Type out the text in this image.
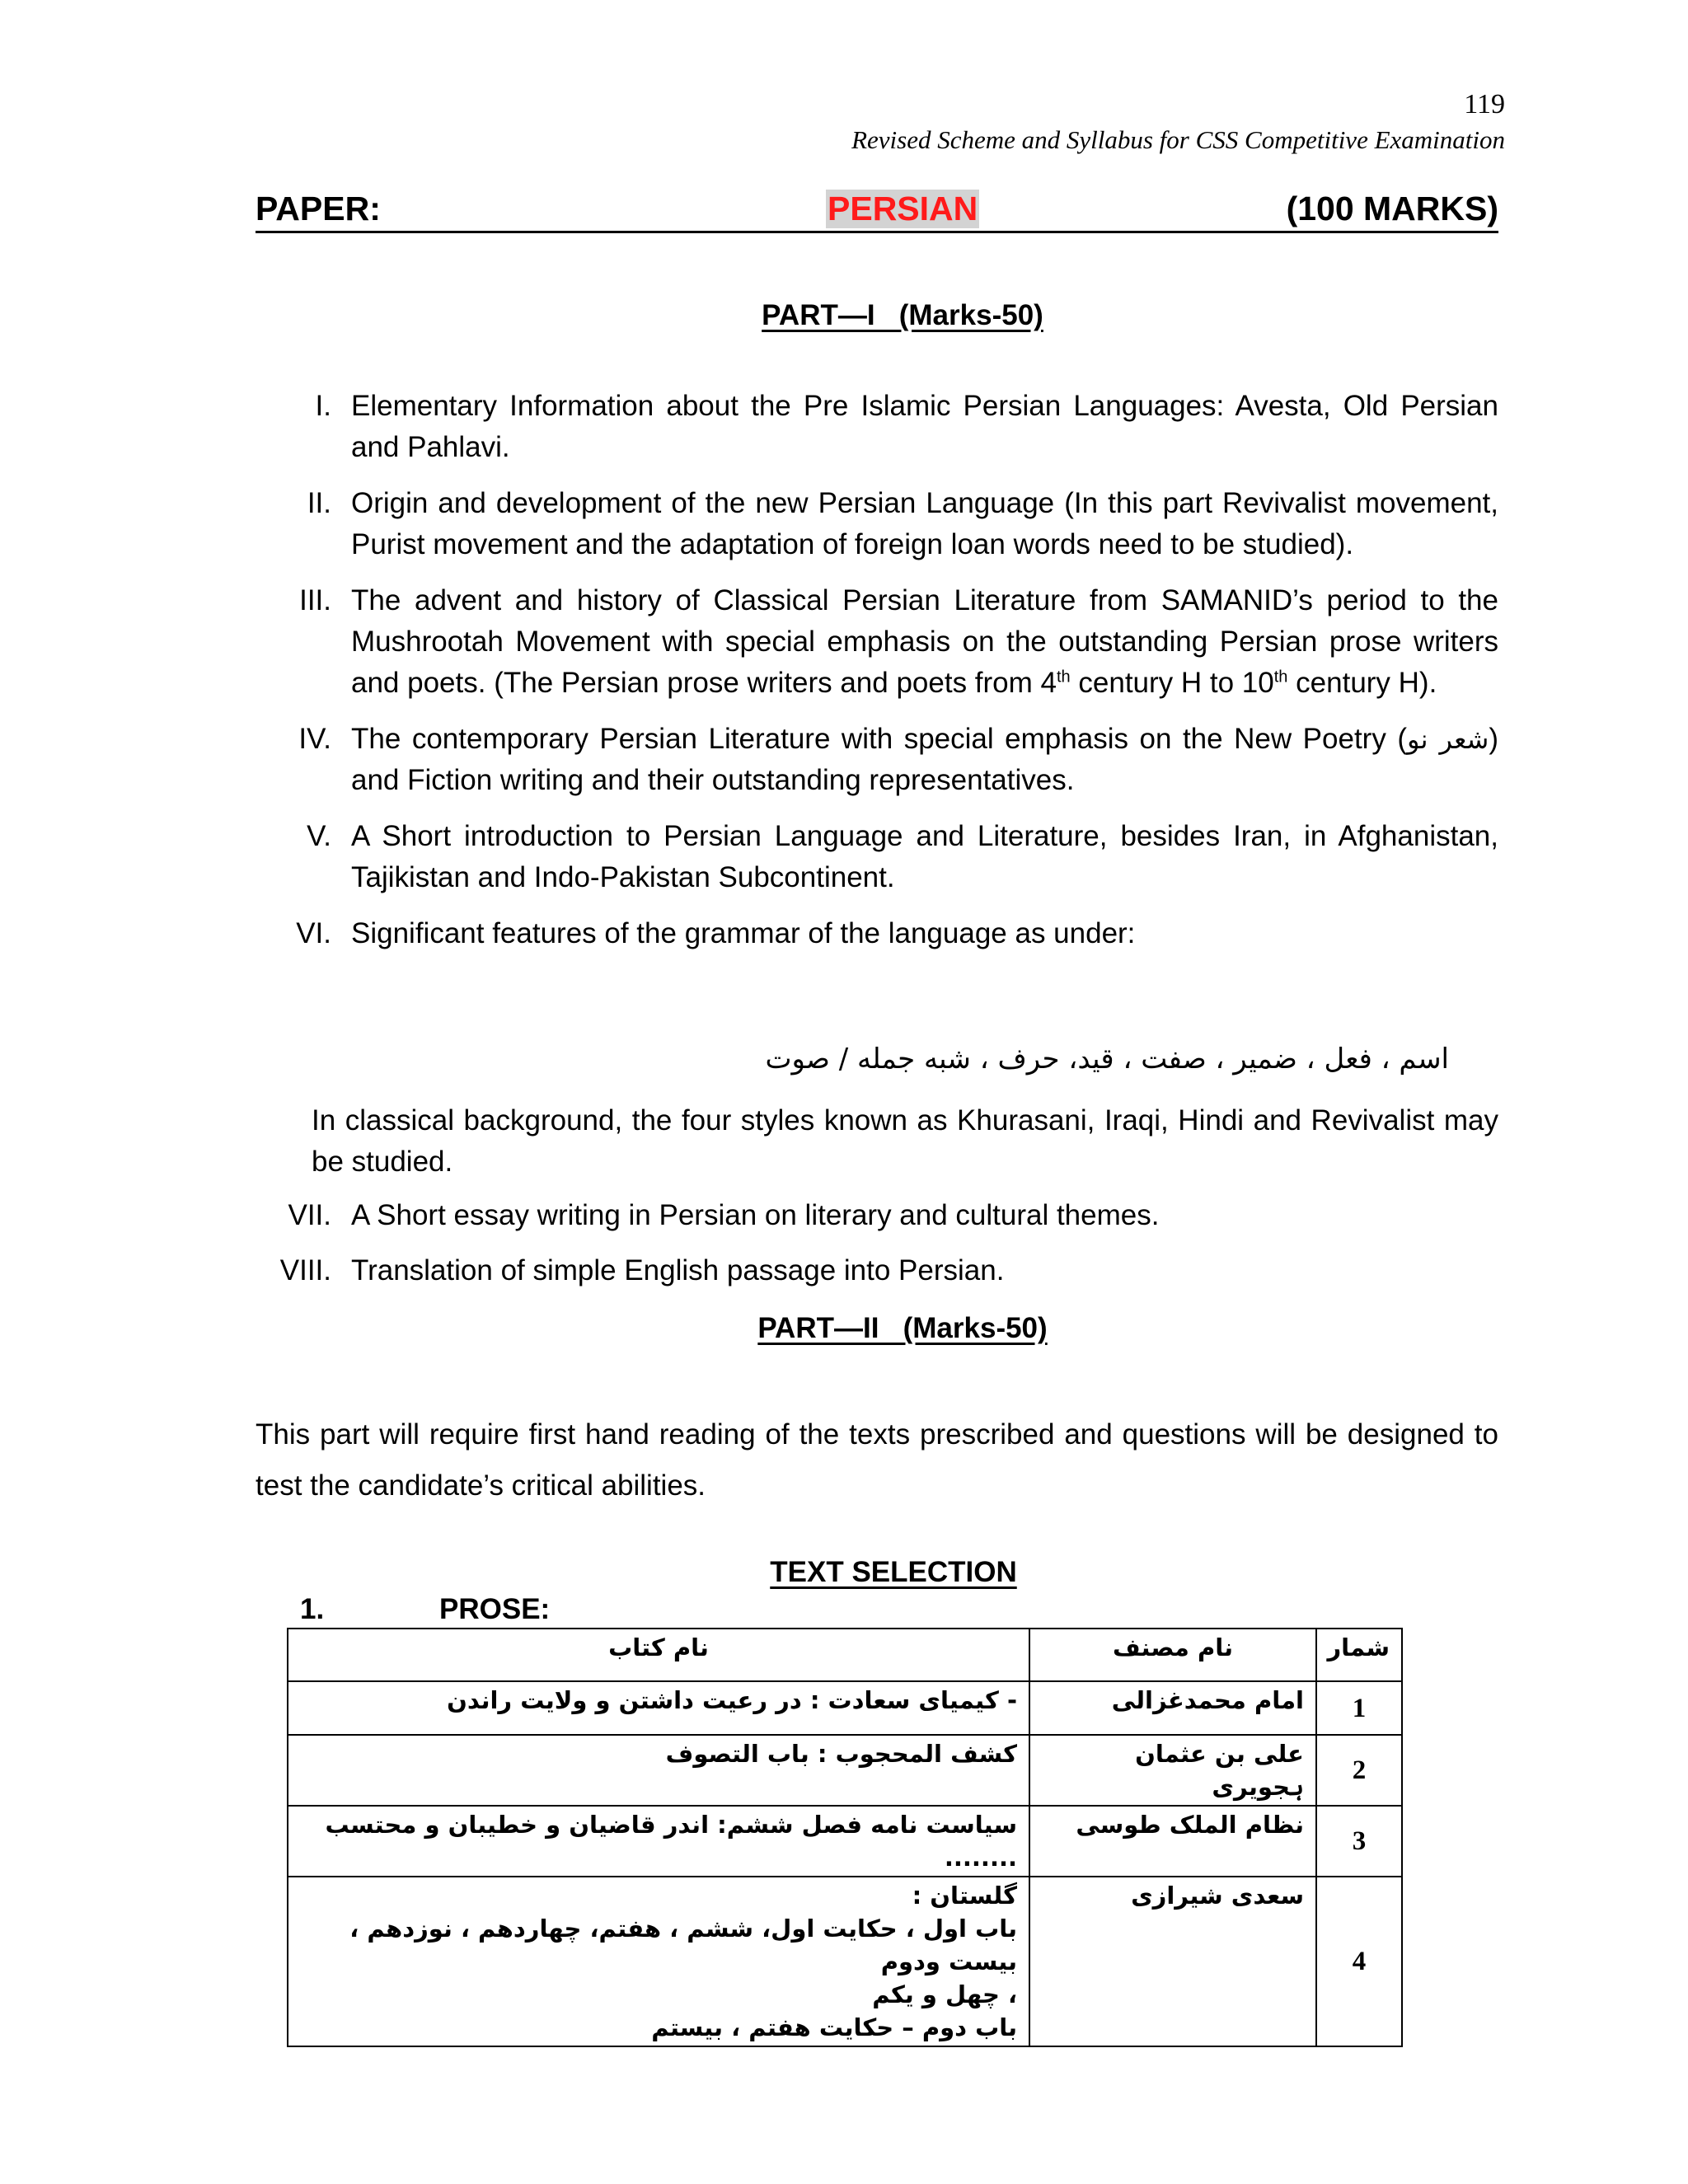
119
Revised Scheme and Syllabus for CSS Competitive Examination
PAPER:	PERSIAN	(100 MARKS)
PART—I   (Marks-50)
I. Elementary Information about the Pre Islamic Persian Languages: Avesta, Old Persian and Pahlavi.
II. Origin and development of the new Persian Language (In this part Revivalist movement, Purist movement and the adaptation of foreign loan words need to be studied).
III. The advent and history of Classical Persian Literature from SAMANID’s period to the Mushrootah Movement with special emphasis on the outstanding Persian prose writers and poets. (The Persian prose writers and poets from 4th century H to 10th century H).
IV. The contemporary Persian Literature with special emphasis on the New Poetry (شعر نو) and Fiction writing and their outstanding representatives.
V. A Short introduction to Persian Language and Literature, besides Iran, in Afghanistan, Tajikistan and Indo-Pakistan Subcontinent.
VI. Significant features of the grammar of the language as under:
اسم ، فعل ، ضمیر ، صفت ، قید، حرف ، شبه جمله / صوت
In classical background, the four styles known as Khurasani, Iraqi, Hindi and Revivalist may be studied.
VII. A Short essay writing in Persian on literary and cultural themes.
VIII. Translation of simple English passage into Persian.
PART—II   (Marks-50)
This part will require first hand reading of the texts prescribed and questions will be designed to test the candidate’s critical abilities.
TEXT SELECTION
1.	PROSE:
شمار	نام مصنف	نام کتاب
1	امام محمدغزالی	- کیمیای سعادت : در رعیت داشتن و ولایت راندن
2	علی بن عثمان ہجویری	کشف المحجوب : باب التصوف
3	نظام الملک طوسی	سیاست نامه فصل ششم: اندر قاضیان و خطیبان و محتسب ........
4	سعدی شیرازی	گلستان :
باب اول ، حکایت اول، ششم ، هفتم، چهاردهم ، نوزدهم ، بیست ودوم
، چهل و یکم
باب دوم – حکایت هفتم ، بیستم
